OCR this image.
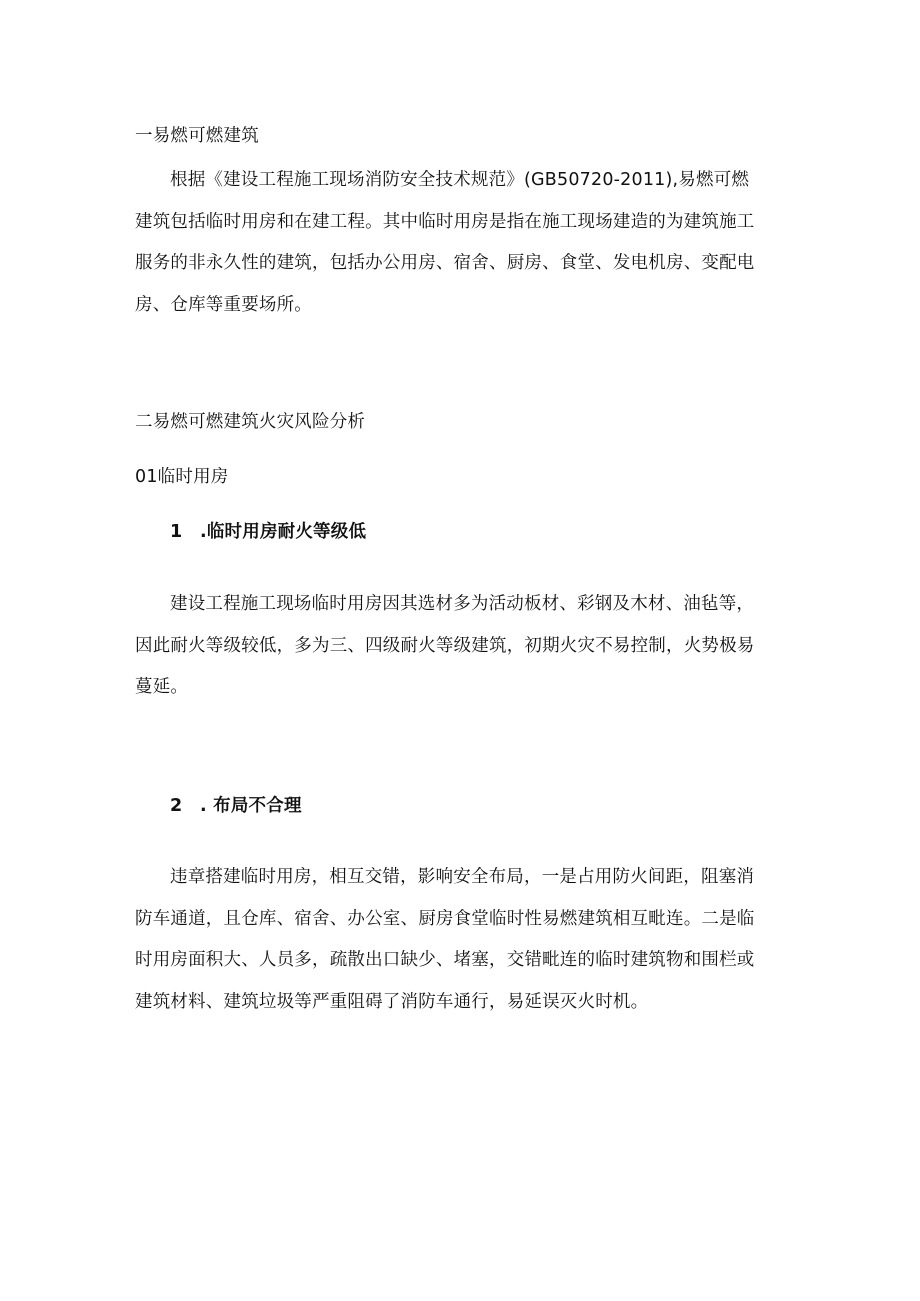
一易燃可燃建筑
根据《建设工程施工现场消防安全技术规范》(GB50720-2011),易燃可燃
建筑包括临时用房和在建工程。其中临时用房是指在施工现场建造的为建筑施工
服务的非永久性的建筑，包括办公用房、宿舍、厨房、食堂、发电机房、变配电
房、仓库等重要场所。
二易燃可燃建筑火灾风险分析
01临时用房
1 .临时用房耐火等级低
建设工程施工现场临时用房因其选材多为活动板材、彩钢及木材、油毡等，
因此耐火等级较低，多为三、四级耐火等级建筑，初期火灾不易控制，火势极易
蔓延。
2 . 布局不合理
违章搭建临时用房，相互交错，影响安全布局，一是占用防火间距，阻塞消
防车通道，且仓库、宿舍、办公室、厨房食堂临时性易燃建筑相互毗连。二是临
时用房面积大、人员多，疏散出口缺少、堵塞，交错毗连的临时建筑物和围栏或
建筑材料、建筑垃圾等严重阻碍了消防车通行，易延误灭火时机。
